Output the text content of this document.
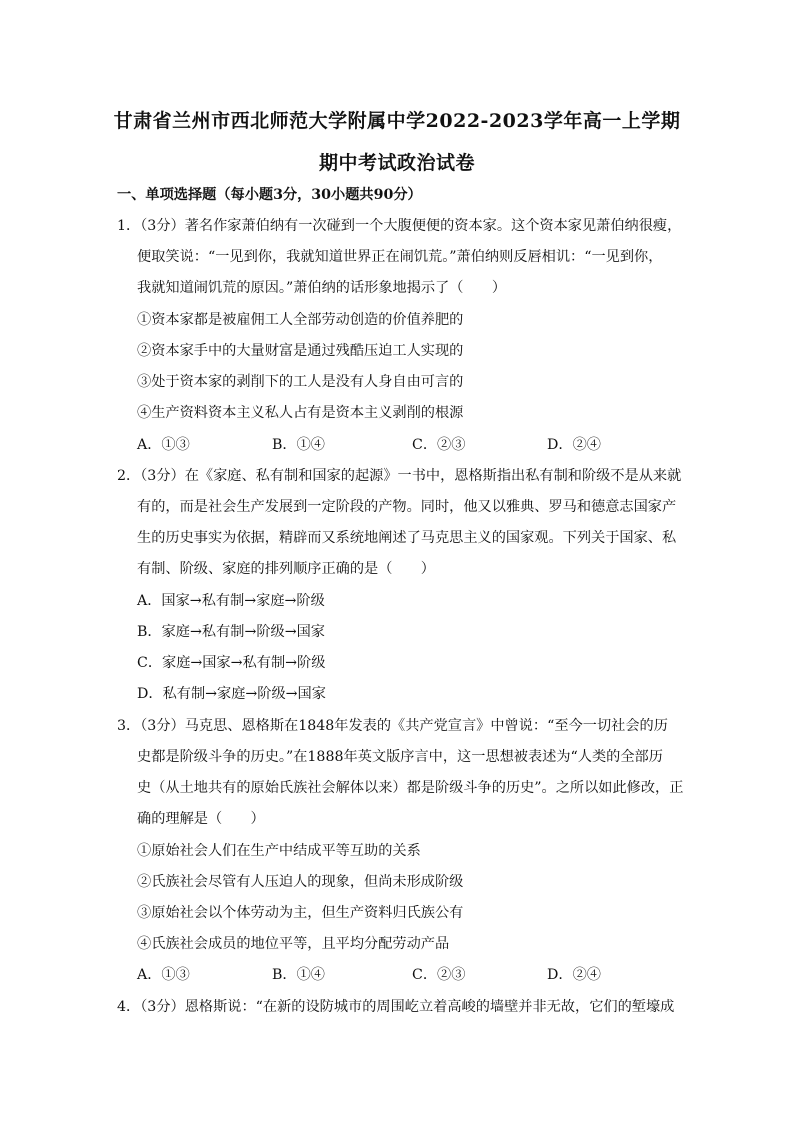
甘肃省兰州市西北师范大学附属中学2022-2023学年高一上学期
期中考试政治试卷
一、单项选择题（每小题3分，30小题共90分）
1．（3分）著名作家萧伯纳有一次碰到一个大腹便便的资本家。这个资本家见萧伯纳很瘦，
便取笑说：“一见到你，我就知道世界正在闹饥荒。”萧伯纳则反唇相讥：“一见到你，
我就知道闹饥荒的原因。”萧伯纳的话形象地揭示了（　　）
①资本家都是被雇佣工人全部劳动创造的价值养肥的
②资本家手中的大量财富是通过残酷压迫工人实现的
③处于资本家的剥削下的工人是没有人身自由可言的
④生产资料资本主义私人占有是资本主义剥削的根源
A．①③	B．①④	C．②③	D．②④
2．（3分）在《家庭、私有制和国家的起源》一书中，恩格斯指出私有制和阶级不是从来就
有的，而是社会生产发展到一定阶段的产物。同时，他又以雅典、罗马和德意志国家产
生的历史事实为依据，精辟而又系统地阐述了马克思主义的国家观。下列关于国家、私
有制、阶级、家庭的排列顺序正确的是（　　）
A．国家→私有制→家庭→阶级
B．家庭→私有制→阶级→国家
C．家庭→国家→私有制→阶级
D．私有制→家庭→阶级→国家
3．（3分）马克思、恩格斯在1848年发表的《共产党宣言》中曾说：“至今一切社会的历
史都是阶级斗争的历史。”在1888年英文版序言中，这一思想被表述为“人类的全部历
史（从土地共有的原始氏族社会解体以来）都是阶级斗争的历史”。之所以如此修改，正
确的理解是（　　）
①原始社会人们在生产中结成平等互助的关系
②氏族社会尽管有人压迫人的现象，但尚未形成阶级
③原始社会以个体劳动为主，但生产资料归氏族公有
④氏族社会成员的地位平等，且平均分配劳动产品
A．①③	B．①④	C．②③	D．②④
4．（3分）恩格斯说：“在新的设防城市的周围屹立着高峻的墙壁并非无故，它们的堑壕成
